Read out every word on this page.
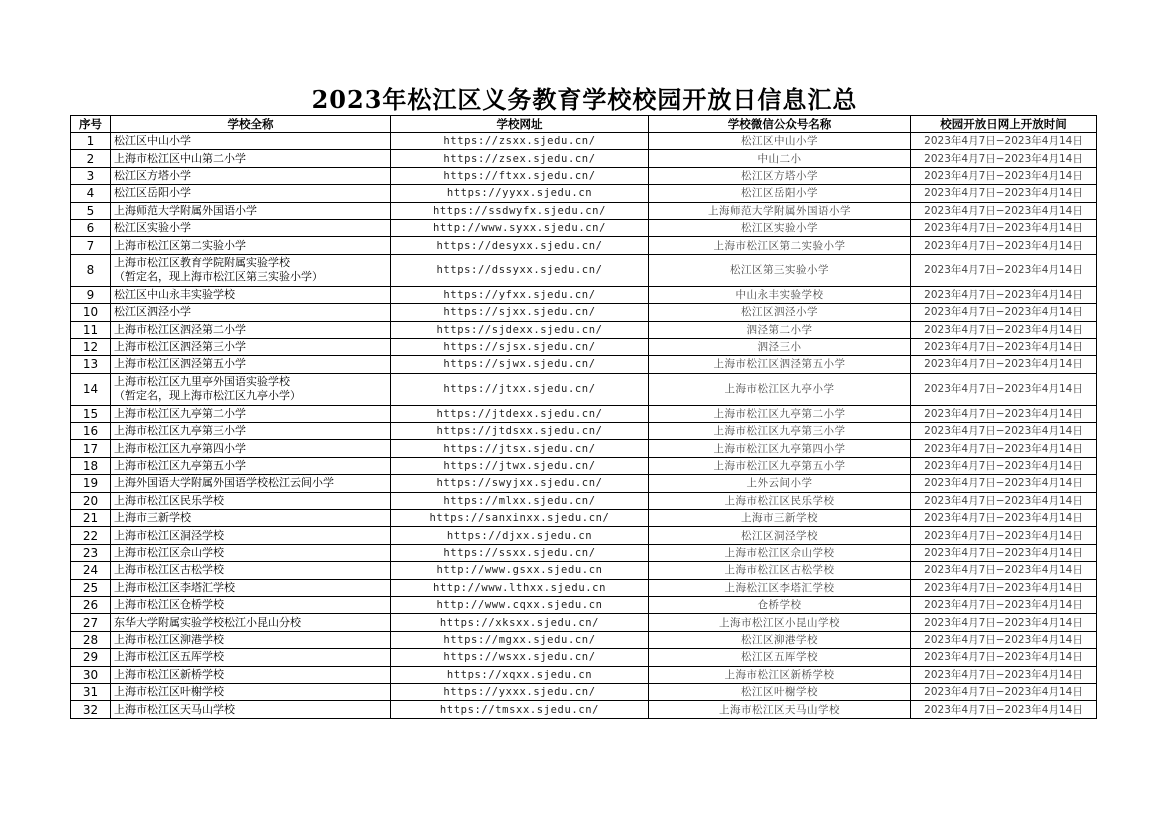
2023年松江区义务教育学校校园开放日信息汇总
序号	学校全称	学校网址	学校微信公众号名称	校园开放日网上开放时间
1	松江区中山小学	https://zsxx.sjedu.cn/	松江区中山小学	2023年4月7日−2023年4月14日
2	上海市松江区中山第二小学	https://zsex.sjedu.cn/	中山二小	2023年4月7日−2023年4月14日
3	松江区方塔小学	https://ftxx.sjedu.cn/	松江区方塔小学	2023年4月7日−2023年4月14日
4	松江区岳阳小学	https://yyxx.sjedu.cn	松江区岳阳小学	2023年4月7日−2023年4月14日
5	上海师范大学附属外国语小学	https://ssdwyfx.sjedu.cn/	上海师范大学附属外国语小学	2023年4月7日−2023年4月14日
6	松江区实验小学	http://www.syxx.sjedu.cn/	松江区实验小学	2023年4月7日−2023年4月14日
7	上海市松江区第二实验小学	https://desyxx.sjedu.cn/	上海市松江区第二实验小学	2023年4月7日−2023年4月14日
8	上海市松江区教育学院附属实验学校
（暂定名，现上海市松江区第三实验小学）	https://dssyxx.sjedu.cn/	松江区第三实验小学	2023年4月7日−2023年4月14日
9	松江区中山永丰实验学校	https://yfxx.sjedu.cn/	中山永丰实验学校	2023年4月7日−2023年4月14日
10	松江区泗泾小学	https://sjxx.sjedu.cn/	松江区泗泾小学	2023年4月7日−2023年4月14日
11	上海市松江区泗泾第二小学	https://sjdexx.sjedu.cn/	泗泾第二小学	2023年4月7日−2023年4月14日
12	上海市松江区泗泾第三小学	https://sjsx.sjedu.cn/	泗泾三小	2023年4月7日−2023年4月14日
13	上海市松江区泗泾第五小学	https://sjwx.sjedu.cn/	上海市松江区泗泾第五小学	2023年4月7日−2023年4月14日
14	上海市松江区九里亭外国语实验学校
（暂定名，现上海市松江区九亭小学）	https://jtxx.sjedu.cn/	上海市松江区九亭小学	2023年4月7日−2023年4月14日
15	上海市松江区九亭第二小学	https://jtdexx.sjedu.cn/	上海市松江区九亭第二小学	2023年4月7日−2023年4月14日
16	上海市松江区九亭第三小学	https://jtdsxx.sjedu.cn/	上海市松江区九亭第三小学	2023年4月7日−2023年4月14日
17	上海市松江区九亭第四小学	https://jtsx.sjedu.cn/	上海市松江区九亭第四小学	2023年4月7日−2023年4月14日
18	上海市松江区九亭第五小学	https://jtwx.sjedu.cn/	上海市松江区九亭第五小学	2023年4月7日−2023年4月14日
19	上海外国语大学附属外国语学校松江云间小学	https://swyjxx.sjedu.cn/	上外云间小学	2023年4月7日−2023年4月14日
20	上海市松江区民乐学校	https://mlxx.sjedu.cn/	上海市松江区民乐学校	2023年4月7日−2023年4月14日
21	上海市三新学校	https://sanxinxx.sjedu.cn/	上海市三新学校	2023年4月7日−2023年4月14日
22	上海市松江区洞泾学校	https://djxx.sjedu.cn	松江区洞泾学校	2023年4月7日−2023年4月14日
23	上海市松江区佘山学校	https://ssxx.sjedu.cn/	上海市松江区佘山学校	2023年4月7日−2023年4月14日
24	上海市松江区古松学校	http://www.gsxx.sjedu.cn	上海市松江区古松学校	2023年4月7日−2023年4月14日
25	上海市松江区李塔汇学校	http://www.lthxx.sjedu.cn	上海松江区李塔汇学校	2023年4月7日−2023年4月14日
26	上海市松江区仓桥学校	http://www.cqxx.sjedu.cn	仓桥学校	2023年4月7日−2023年4月14日
27	东华大学附属实验学校松江小昆山分校	https://xksxx.sjedu.cn/	上海市松江区小昆山学校	2023年4月7日−2023年4月14日
28	上海市松江区泖港学校	https://mgxx.sjedu.cn/	松江区泖港学校	2023年4月7日−2023年4月14日
29	上海市松江区五厍学校	https://wsxx.sjedu.cn/	松江区五厍学校	2023年4月7日−2023年4月14日
30	上海市松江区新桥学校	https://xqxx.sjedu.cn	上海市松江区新桥学校	2023年4月7日−2023年4月14日
31	上海市松江区叶榭学校	https://yxxx.sjedu.cn/	松江区叶榭学校	2023年4月7日−2023年4月14日
32	上海市松江区天马山学校	https://tmsxx.sjedu.cn/	上海市松江区天马山学校	2023年4月7日−2023年4月14日
